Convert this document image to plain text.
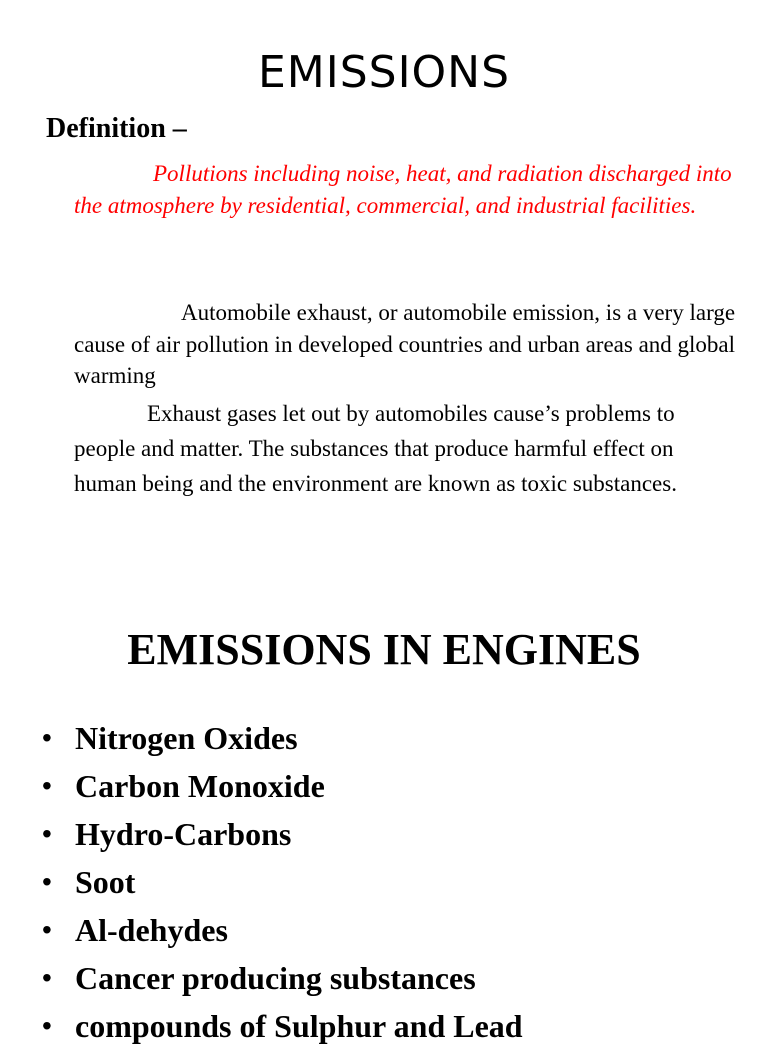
EMISSIONS
Definition –

Pollutions including noise, heat, and radiation discharged into the atmosphere by residential, commercial, and industrial facilities.

Automobile exhaust, or automobile emission, is a very large cause of air pollution in developed countries and urban areas and global warming

Exhaust gases let out by automobiles cause’s problems to people and matter. The substances that produce harmful effect on human being and the environment are known as toxic substances.

EMISSIONS IN ENGINES
• Nitrogen Oxides
• Carbon Monoxide
• Hydro-Carbons
• Soot
• Al-dehydes
• Cancer producing substances
• compounds of Sulphur and Lead
